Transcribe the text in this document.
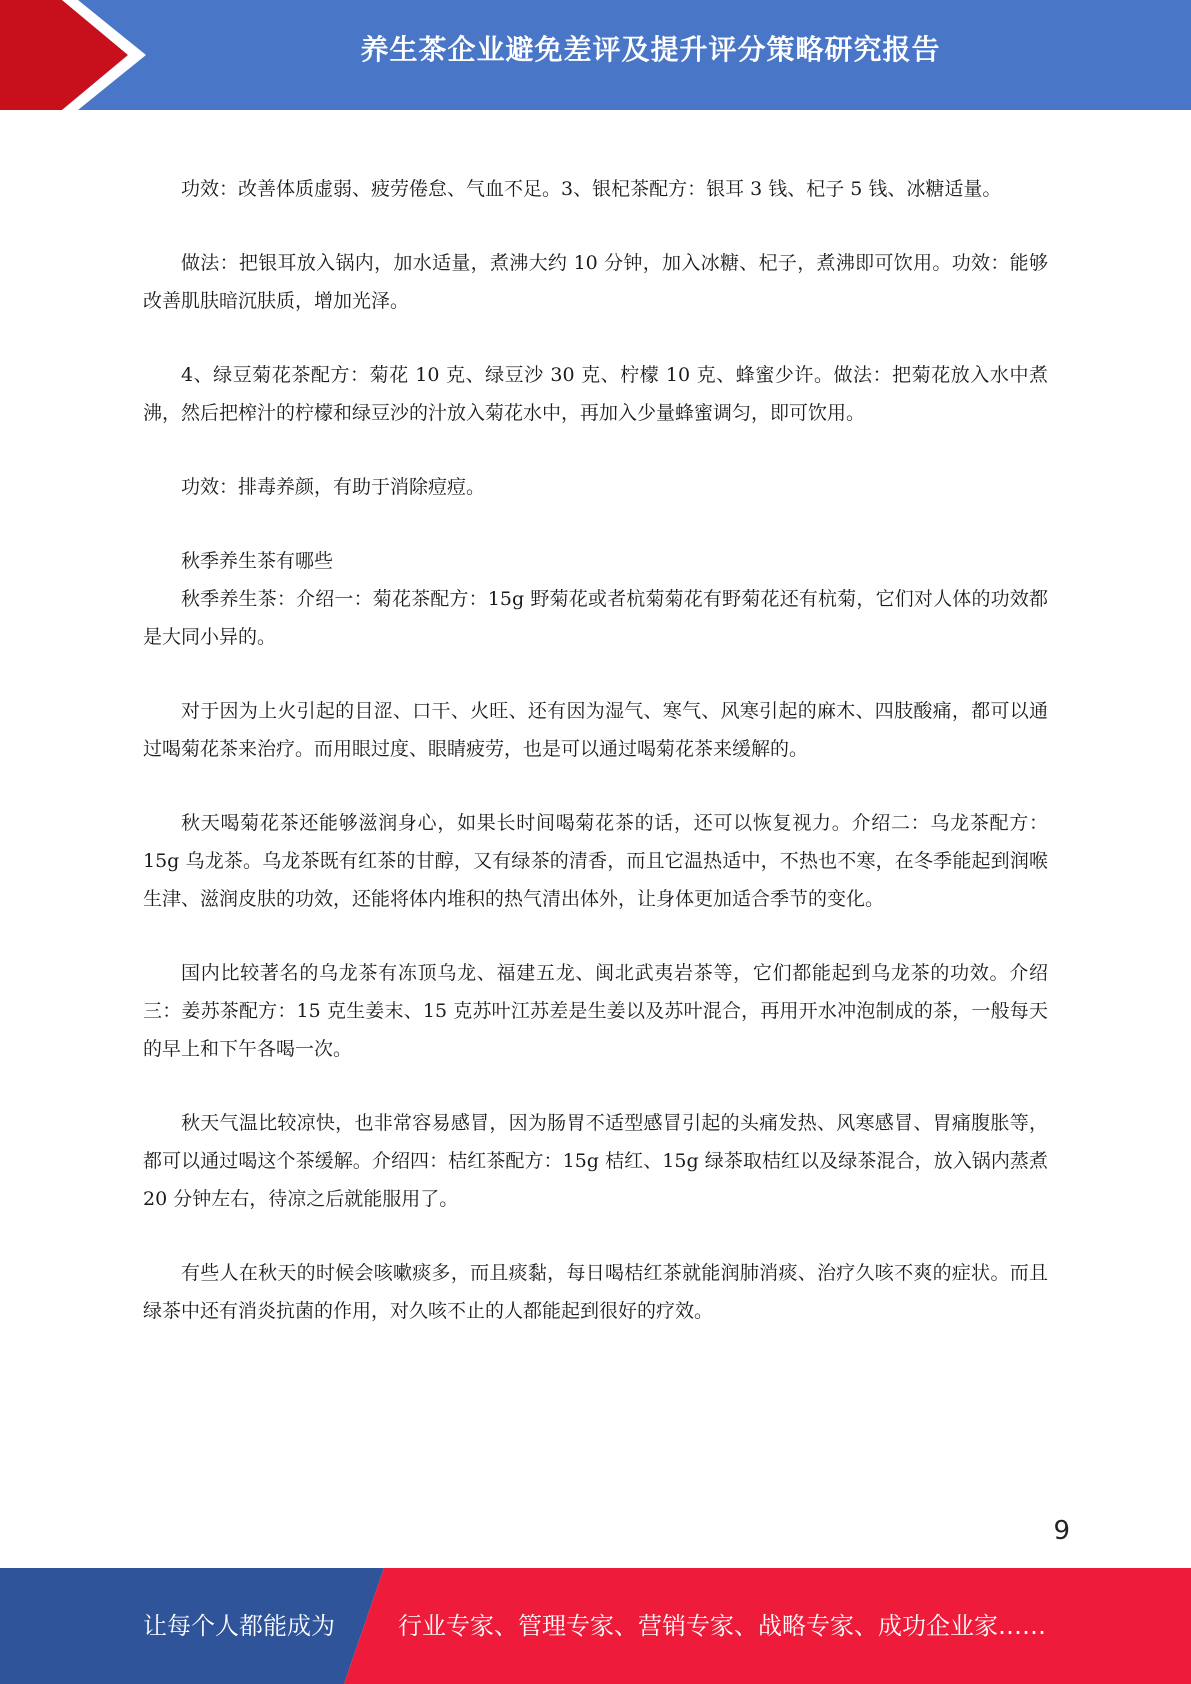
养生茶企业避免差评及提升评分策略研究报告

功效：改善体质虚弱、疲劳倦怠、气血不足。3、银杞茶配方：银耳 3 钱、杞子 5 钱、冰糖适量。

做法：把银耳放入锅内，加水适量，煮沸大约 10 分钟，加入冰糖、杞子，煮沸即可饮用。功效：能够改善肌肤暗沉肤质，增加光泽。

4、绿豆菊花茶配方：菊花 10 克、绿豆沙 30 克、柠檬 10 克、蜂蜜少许。做法：把菊花放入水中煮沸，然后把榨汁的柠檬和绿豆沙的汁放入菊花水中，再加入少量蜂蜜调匀，即可饮用。

功效：排毒养颜，有助于消除痘痘。

秋季养生茶有哪些

秋季养生茶：介绍一：菊花茶配方：15g 野菊花或者杭菊菊花有野菊花还有杭菊，它们对人体的功效都是大同小异的。

对于因为上火引起的目涩、口干、火旺、还有因为湿气、寒气、风寒引起的麻木、四肢酸痛，都可以通过喝菊花茶来治疗。而用眼过度、眼睛疲劳，也是可以通过喝菊花茶来缓解的。

秋天喝菊花茶还能够滋润身心，如果长时间喝菊花茶的话，还可以恢复视力。介绍二：乌龙茶配方：15g 乌龙茶。乌龙茶既有红茶的甘醇，又有绿茶的清香，而且它温热适中，不热也不寒，在冬季能起到润喉生津、滋润皮肤的功效，还能将体内堆积的热气清出体外，让身体更加适合季节的变化。

国内比较著名的乌龙茶有冻顶乌龙、福建五龙、闽北武夷岩茶等，它们都能起到乌龙茶的功效。介绍三：姜苏茶配方：15 克生姜末、15 克苏叶江苏差是生姜以及苏叶混合，再用开水冲泡制成的茶，一般每天的早上和下午各喝一次。

秋天气温比较凉快，也非常容易感冒，因为肠胃不适型感冒引起的头痛发热、风寒感冒、胃痛腹胀等，都可以通过喝这个茶缓解。介绍四：桔红茶配方：15g 桔红、15g 绿茶取桔红以及绿茶混合，放入锅内蒸煮 20 分钟左右，待凉之后就能服用了。

有些人在秋天的时候会咳嗽痰多，而且痰黏，每日喝桔红茶就能润肺消痰、治疗久咳不爽的症状。而且绿茶中还有消炎抗菌的作用，对久咳不止的人都能起到很好的疗效。

9
让每个人都能成为	行业专家、管理专家、营销专家、战略专家、成功企业家……
